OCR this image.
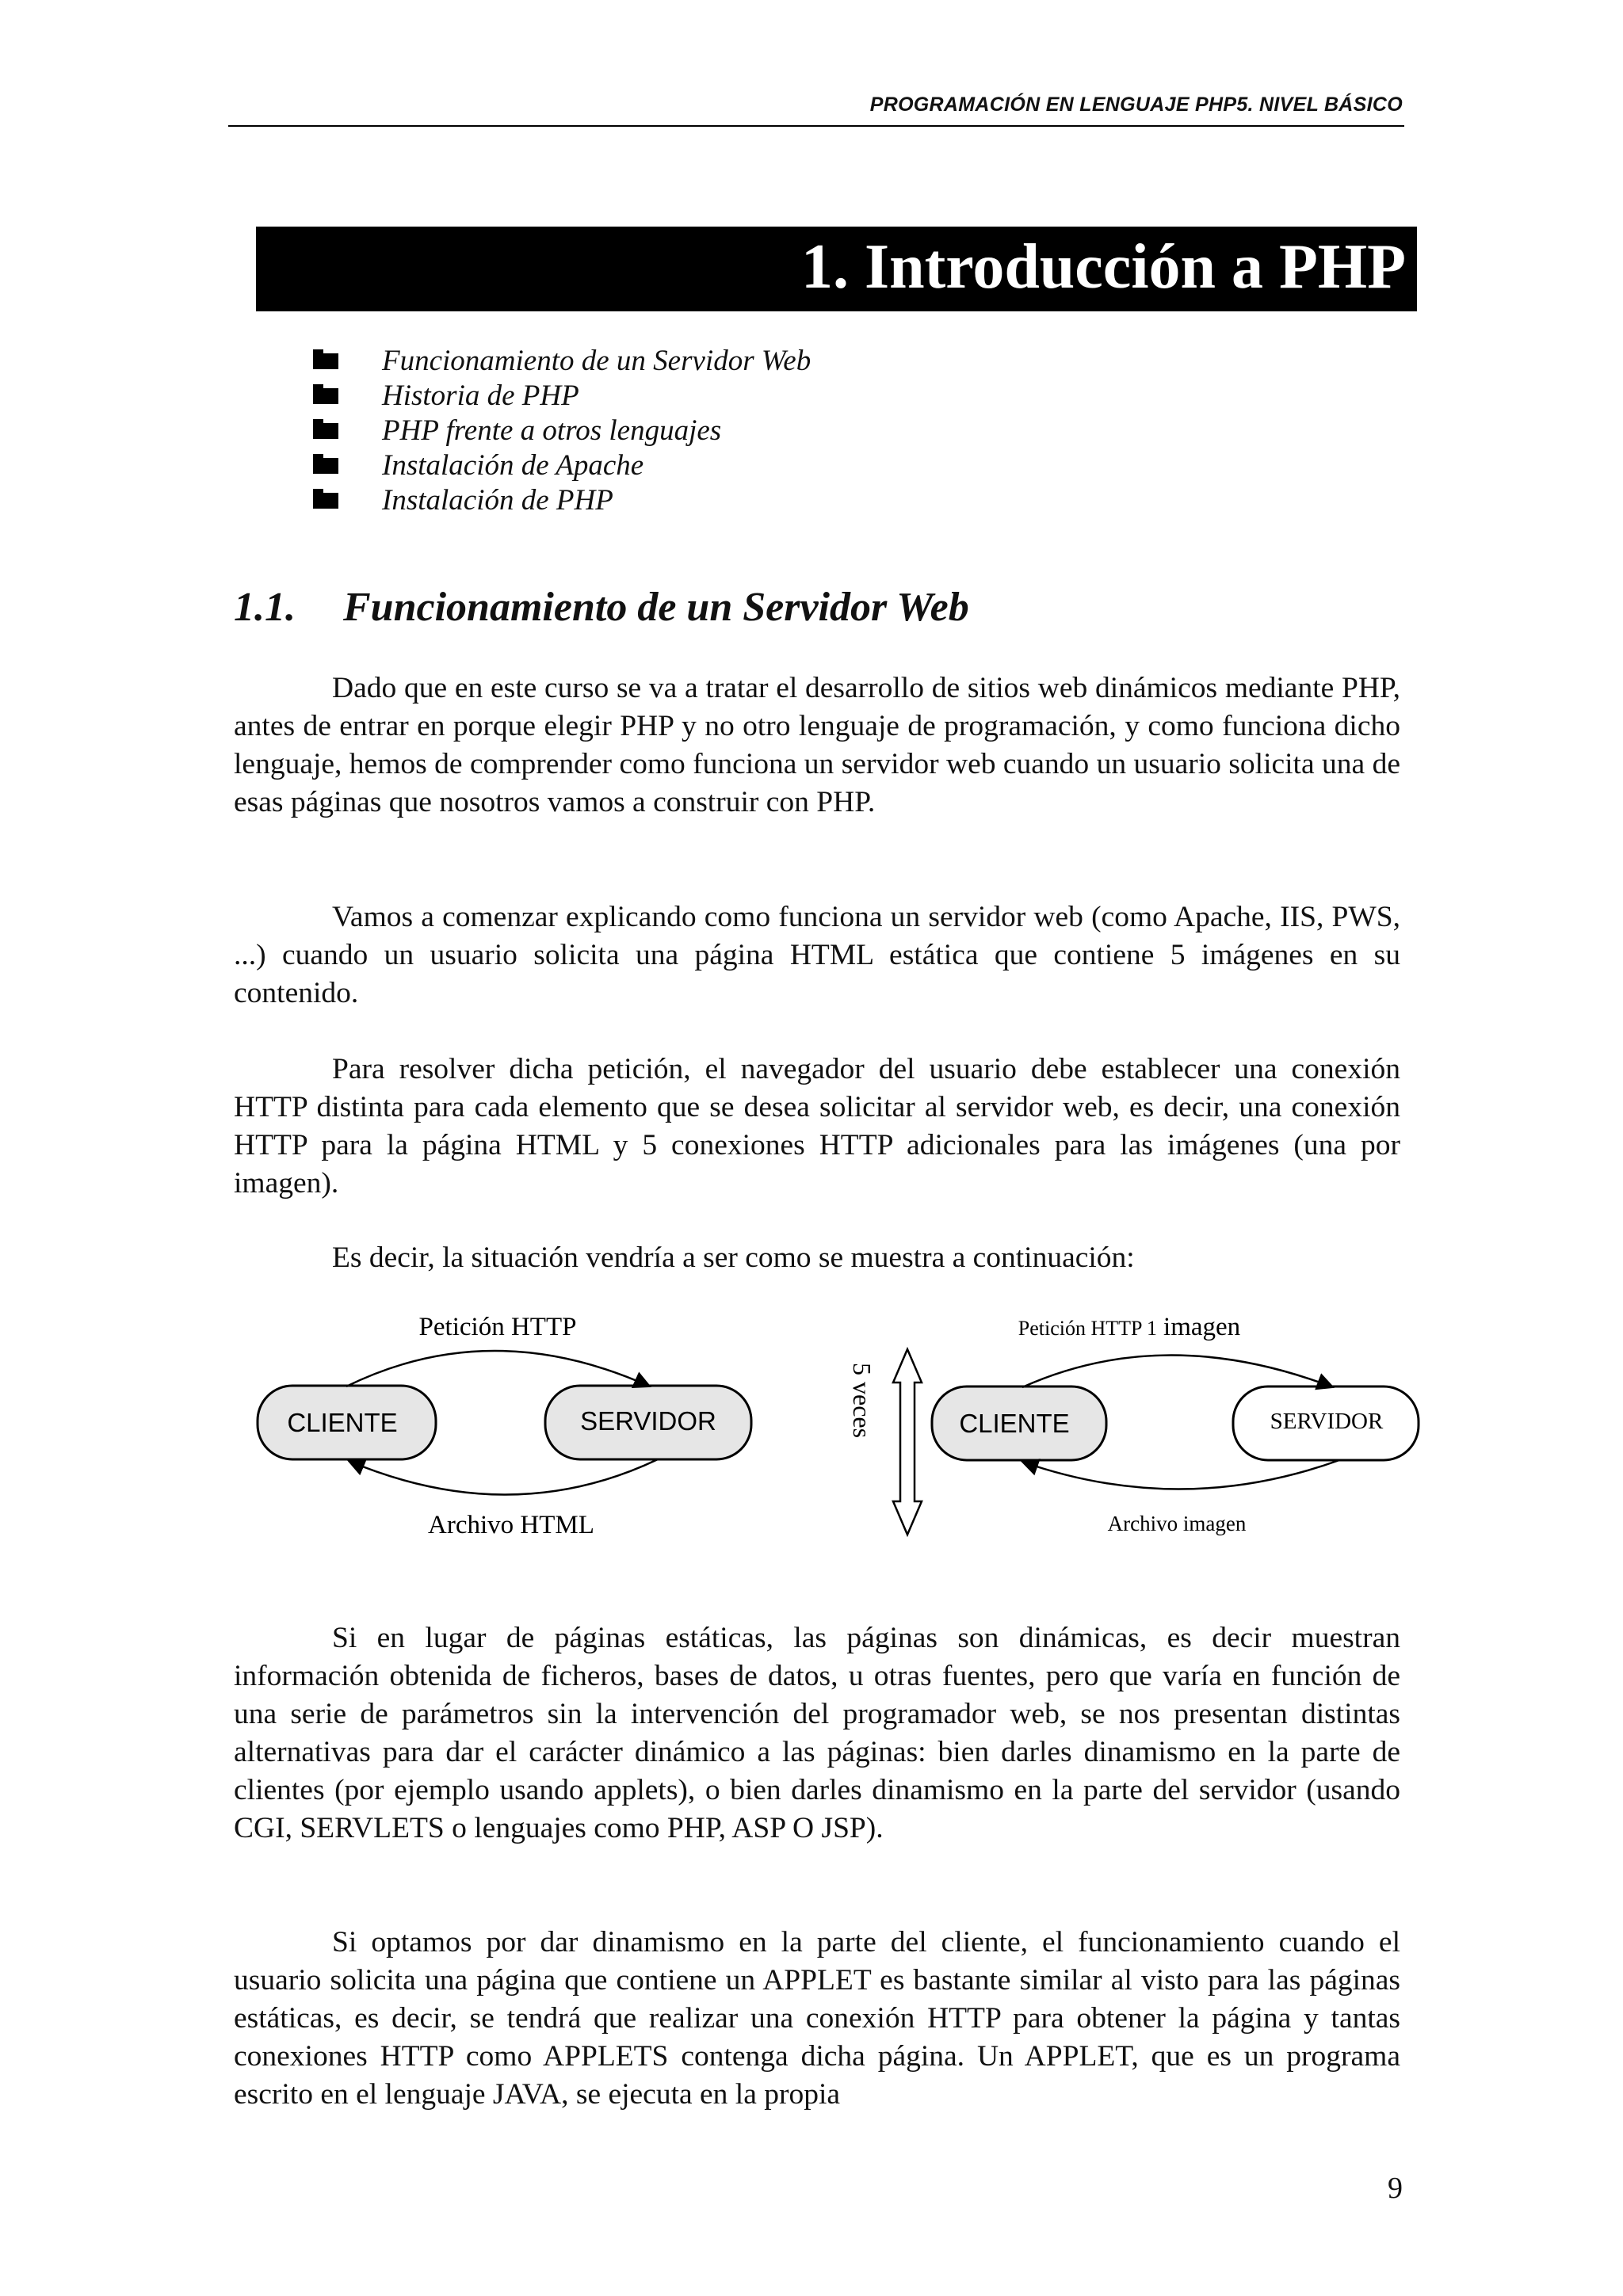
PROGRAMACIÓN EN LENGUAJE PHP5. NIVEL BÁSICO
1. Introducción a PHP
Funcionamiento de un Servidor Web
Historia de PHP
PHP frente a otros lenguajes
Instalación de Apache
Instalación de PHP
1.1. Funcionamiento de un Servidor Web

Dado que en este curso se va a tratar el desarrollo de sitios web dinámicos mediante PHP, antes de entrar en porque elegir PHP y no otro lenguaje de programación, y como funciona dicho lenguaje, hemos de comprender como funciona un servidor web cuando un usuario solicita una de esas páginas que nosotros vamos a construir con PHP.

Vamos a comenzar explicando como funciona un servidor web (como Apache, IIS, PWS, ...) cuando un usuario solicita una página HTML estática que contiene 5 imágenes en su contenido.

Para resolver dicha petición, el navegador del usuario debe establecer una conexión HTTP distinta para cada elemento que se desea solicitar al servidor web, es decir, una conexión HTTP para la página HTML y 5 conexiones HTTP adicionales para las imágenes (una por imagen).

Es decir, la situación vendría a ser como se muestra a continuación:

CLIENTE	SERVIDOR
Petición HTTP
Archivo HTML
5 veces	CLIENTE	SERVIDOR
Petición HTTP 1 imagen
Archivo imagen

Si en lugar de páginas estáticas, las páginas son dinámicas, es decir muestran información obtenida de ficheros, bases de datos, u otras fuentes, pero que varía en función de una serie de parámetros sin la intervención del programador web, se nos presentan distintas alternativas para dar el carácter dinámico a las páginas: bien darles dinamismo en la parte de clientes (por ejemplo usando applets), o bien darles dinamismo en la parte del servidor (usando CGI, SERVLETS o lenguajes como PHP, ASP O JSP).

Si optamos por dar dinamismo en la parte del cliente, el funcionamiento cuando el usuario solicita una página que contiene un APPLET es bastante similar al visto para las páginas estáticas, es decir, se tendrá que realizar una conexión HTTP para obtener la página y tantas conexiones HTTP como APPLETS contenga dicha página. Un APPLET, que es un programa escrito en el lenguaje JAVA, se ejecuta en la propia

9
